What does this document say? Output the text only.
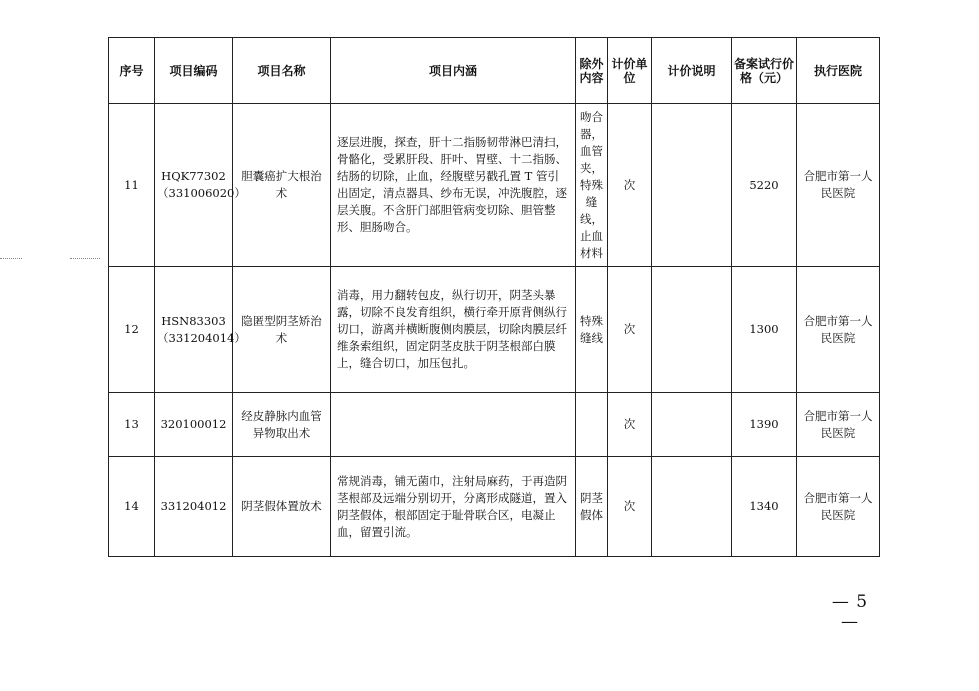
序号	项目编码	项目名称	项目内涵	除外内容	计价单位	计价说明	备案试行价格（元）	执行医院
11	HQK77302（331006020）	胆囊癌扩大根治术	逐层进腹，探查，肝十二指肠韧带淋巴清扫，骨骼化，受累肝段、肝叶、胃壁、十二指肠、结肠的切除，止血，经腹壁另戳孔置 T 管引出固定，清点器具、纱布无误，冲洗腹腔，逐层关腹。不含肝门部胆管病变切除、胆管整形、胆肠吻合。	吻合器，血管夹，特殊缝线，止血材料	次		5220	合肥市第一人民医院
12	HSN83303（331204014）	隐匿型阴茎矫治术	消毒，用力翻转包皮，纵行切开，阴茎头暴露，切除不良发育组织，横行牵开原背侧纵行切口，游离并横断腹侧肉膜层，切除肉膜层纤维条索组织，固定阴茎皮肤于阴茎根部白膜上，缝合切口，加压包扎。	特殊缝线	次		1300	合肥市第一人民医院
13	320100012	经皮静脉内血管异物取出术			次		1390	合肥市第一人民医院
14	331204012	阴茎假体置放术	常规消毒，铺无菌巾，注射局麻药，于再造阴茎根部及远端分别切开，分离形成隧道，置入阴茎假体，根部固定于耻骨联合区，电凝止血，留置引流。	阴茎假体	次		1340	合肥市第一人民医院
— 5 —
